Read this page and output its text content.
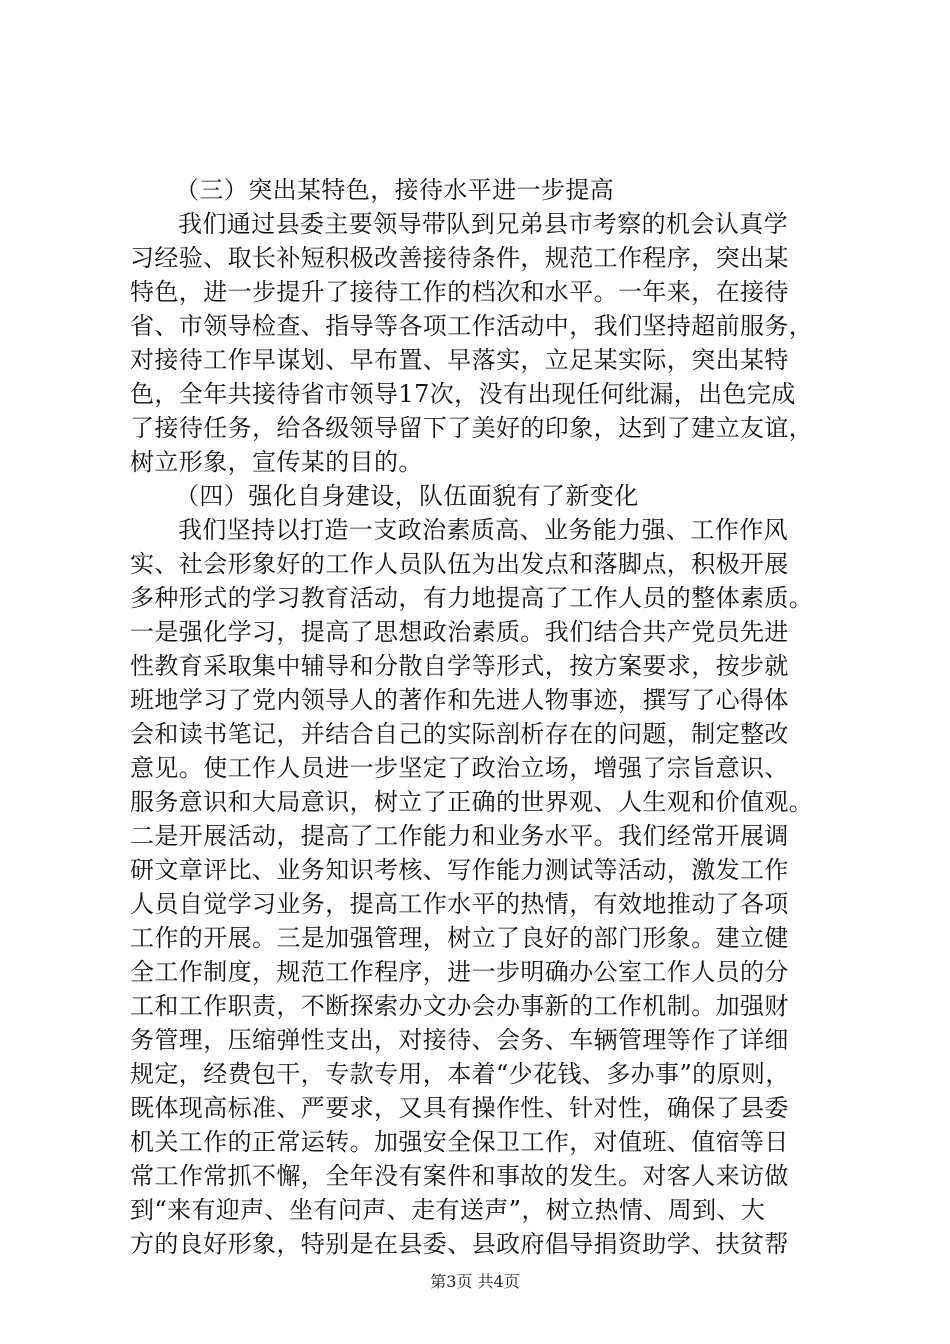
（三）突出某特色，接待水平进一步提高
我们通过县委主要领导带队到兄弟县市考察的机会认真学
习经验、取长补短积极改善接待条件，规范工作程序，突出某
特色，进一步提升了接待工作的档次和水平。一年来，在接待
省、市领导检查、指导等各项工作活动中，我们坚持超前服务，
对接待工作早谋划、早布置、早落实，立足某实际，突出某特
色，全年共接待省市领导17次，没有出现任何纰漏，出色完成
了接待任务，给各级领导留下了美好的印象，达到了建立友谊，
树立形象，宣传某的目的。
（四）强化自身建设，队伍面貌有了新变化
我们坚持以打造一支政治素质高、业务能力强、工作作风
实、社会形象好的工作人员队伍为出发点和落脚点，积极开展
多种形式的学习教育活动，有力地提高了工作人员的整体素质。
一是强化学习，提高了思想政治素质。我们结合共产党员先进
性教育采取集中辅导和分散自学等形式，按方案要求，按步就
班地学习了党内领导人的著作和先进人物事迹，撰写了心得体
会和读书笔记，并结合自己的实际剖析存在的问题，制定整改
意见。使工作人员进一步坚定了政治立场，增强了宗旨意识、
服务意识和大局意识，树立了正确的世界观、人生观和价值观。
二是开展活动，提高了工作能力和业务水平。我们经常开展调
研文章评比、业务知识考核、写作能力测试等活动，激发工作
人员自觉学习业务，提高工作水平的热情，有效地推动了各项
工作的开展。三是加强管理，树立了良好的部门形象。建立健
全工作制度，规范工作程序，进一步明确办公室工作人员的分
工和工作职责，不断探索办文办会办事新的工作机制。加强财
务管理，压缩弹性支出，对接待、会务、车辆管理等作了详细
规定，经费包干，专款专用，本着“少花钱、多办事”的原则，
既体现高标准、严要求，又具有操作性、针对性，确保了县委
机关工作的正常运转。加强安全保卫工作，对值班、值宿等日
常工作常抓不懈，全年没有案件和事故的发生。对客人来访做
到“来有迎声、坐有问声、走有送声”，树立热情、周到、大
方的良好形象，特别是在县委、县政府倡导捐资助学、扶贫帮
第3页 共4页
